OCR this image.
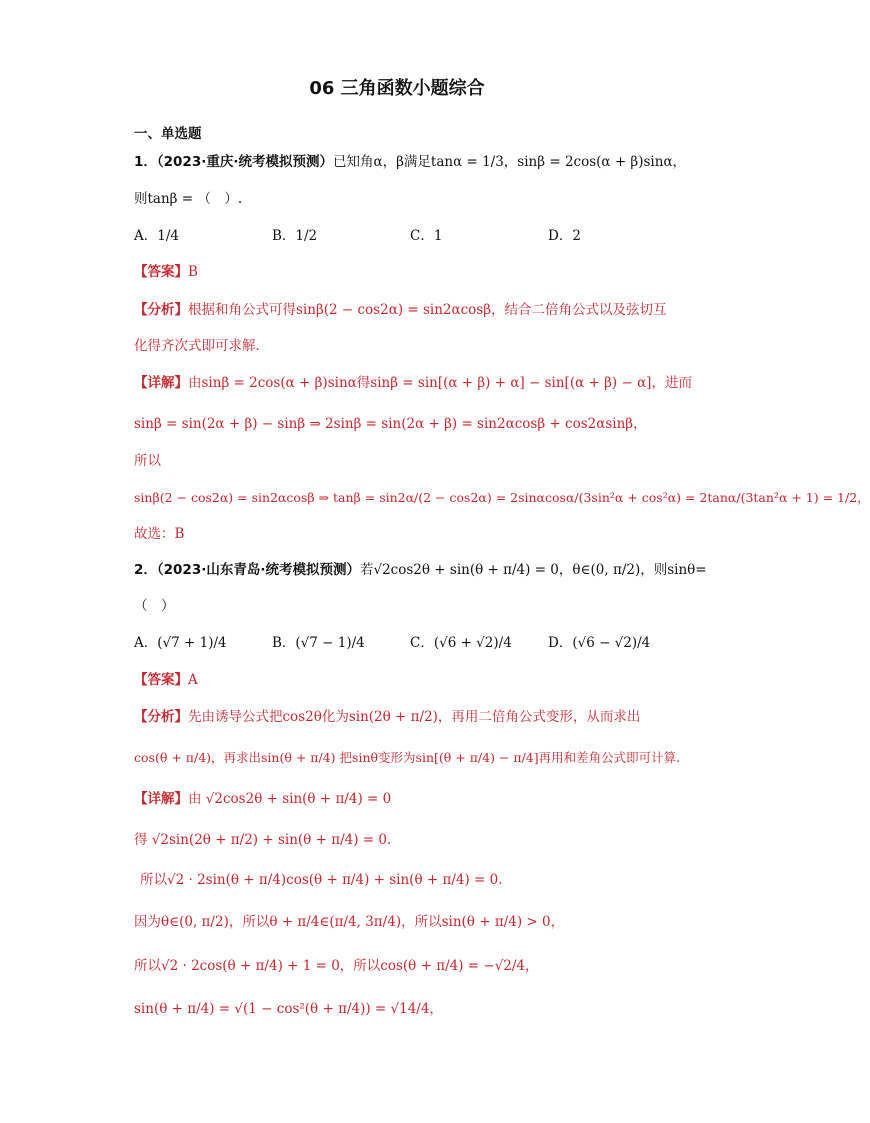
06 三角函数小题综合
一、单选题
1．（2023·重庆·统考模拟预测）已知角α，β满足tanα = 1/3，sinβ = 2cos(α + β)sinα，
则tanβ = （　）.
A．1/4	B．1/2	C．1	D．2
【答案】B
【分析】根据和角公式可得sinβ(2 − cos2α) = sin2αcosβ，结合二倍角公式以及弦切互
化得齐次式即可求解.
【详解】由sinβ = 2cos(α + β)sinα得sinβ = sin[(α + β) + α] − sin[(α + β) − α]，进而
sinβ = sin(2α + β) − sinβ ⇒ 2sinβ = sin(2α + β) = sin2αcosβ + cos2αsinβ，
所以
sinβ(2 − cos2α) = sin2αcosβ ⇒ tanβ = sin2α/(2 − cos2α) = 2sinαcosα/(3sin²α + cos²α) = 2tanα/(3tan²α + 1) = 1/2，
故选：B
2．（2023·山东青岛·统考模拟预测）若√2cos2θ + sin(θ + π/4) = 0，θ∈(0, π/2)，则sinθ=
（　）
A．(√7 + 1)/4	B．(√7 − 1)/4	C．(√6 + √2)/4	D．(√6 − √2)/4
【答案】A
【分析】先由诱导公式把cos2θ化为sin(2θ + π/2)，再用二倍角公式变形，从而求出
cos(θ + π/4)，再求出sin(θ + π/4) 把sinθ变形为sin[(θ + π/4) − π/4]再用和差角公式即可计算.
【详解】由 √2cos2θ + sin(θ + π/4) = 0
得 √2sin(2θ + π/2) + sin(θ + π/4) = 0.
所以√2 · 2sin(θ + π/4)cos(θ + π/4) + sin(θ + π/4) = 0.
因为θ∈(0, π/2)，所以θ + π/4∈(π/4, 3π/4)，所以sin(θ + π/4) > 0，
所以√2 · 2cos(θ + π/4) + 1 = 0，所以cos(θ + π/4) = −√2/4，
sin(θ + π/4) = √(1 − cos²(θ + π/4)) = √14/4，
